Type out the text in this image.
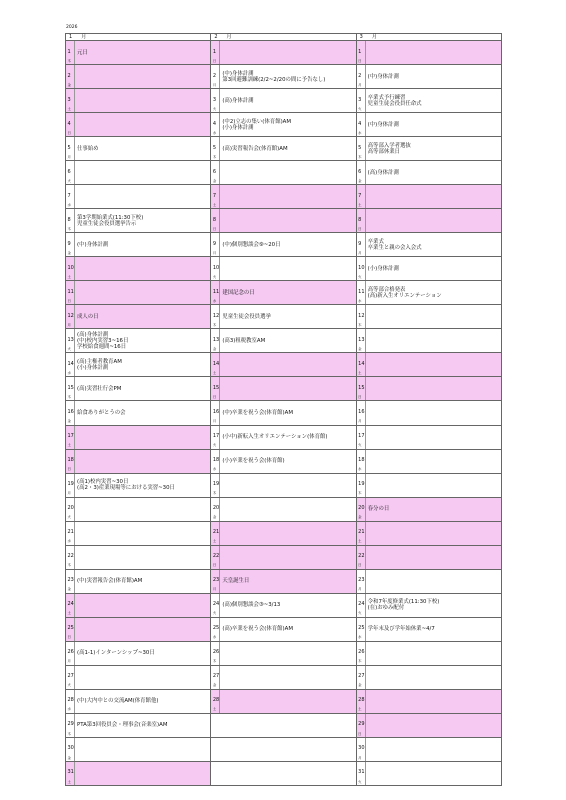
2026
1 月
1
木
元日
2
金
3
土
4
日
5
月
仕事始め
6
火
7
水
8
木
第3学期始業式(11:30下校)
児童生徒会役員選挙告示
9
金
(中)身体計測
10
土
11
日
12
月
成人の日
13
火
(高)身体計測
(中)校内実習3~16日
学校給食週間~16日
14
水
(高)主権者教育AM
(小)身体計測
15
木
(高)実習壮行会PM
16
金
給食ありがとうの会
17
土
18
日
19
月
(高1)校内実習~30日
(高2・3)産業現場等における実習~30日
20
火
21
水
22
木
23
金
(中)実習報告会(体育館)AM
24
土
25
日
26
月
(高1-1)インターンシップ~30日
27
火
28
水
(中)大内中との交流AM(体育館他)
29
木
PTA第3回役員会・理事会(音楽室)AM
30
金
31
土
2 月
1
日
2
月
(中)身体計測
第3回避難訓練(2/2~2/20の間に予告なし)
3
火
(高)身体計測
4
水
(中2)立志の集い(体育館)AM
(小)身体計測
5
木
(高)実習報告会(体育館)AM
6
金
7
土
8
日
9
月
(中)個別懇談会⑨~20日
10
火
11
水
建国記念の日
12
木
児童生徒会役員選挙
13
金
(高3)租税教室AM
14
土
15
日
16
月
(中)卒業を祝う会(体育館)AM
17
火
(小中)新転入生オリエンテーション(体育館)
18
水
(小)卒業を祝う会(体育館)
19
木
20
金
21
土
22
日
23
月
天皇誕生日
24
火
(高)個別懇談会③~3/13
25
水
(高)卒業を祝う会(体育館)AM
26
木
27
金
28
土
3 月
1
日
2
月
(中)身体計測
3
火
卒業式予行練習
児童生徒会役員任命式
4
水
(中)身体計測
5
木
高等部入学者選抜
高等部休業日
6
金
(高)身体計測
7
土
8
日
9
月
卒業式
卒業生と親の会入会式
10
火
(小)身体計測
11
水
高等部合格発表
(高)新入生オリエンテーション
12
木
13
金
14
土
15
日
16
月
17
火
18
水
19
木
20
金
春分の日
21
土
22
日
23
月
24
火
令和7年度修業式(11:30下校)
(在)おゆみ配付
25
水
学年末及び学年始休業~4/7
26
木
27
金
28
土
29
日
30
月
31
火
